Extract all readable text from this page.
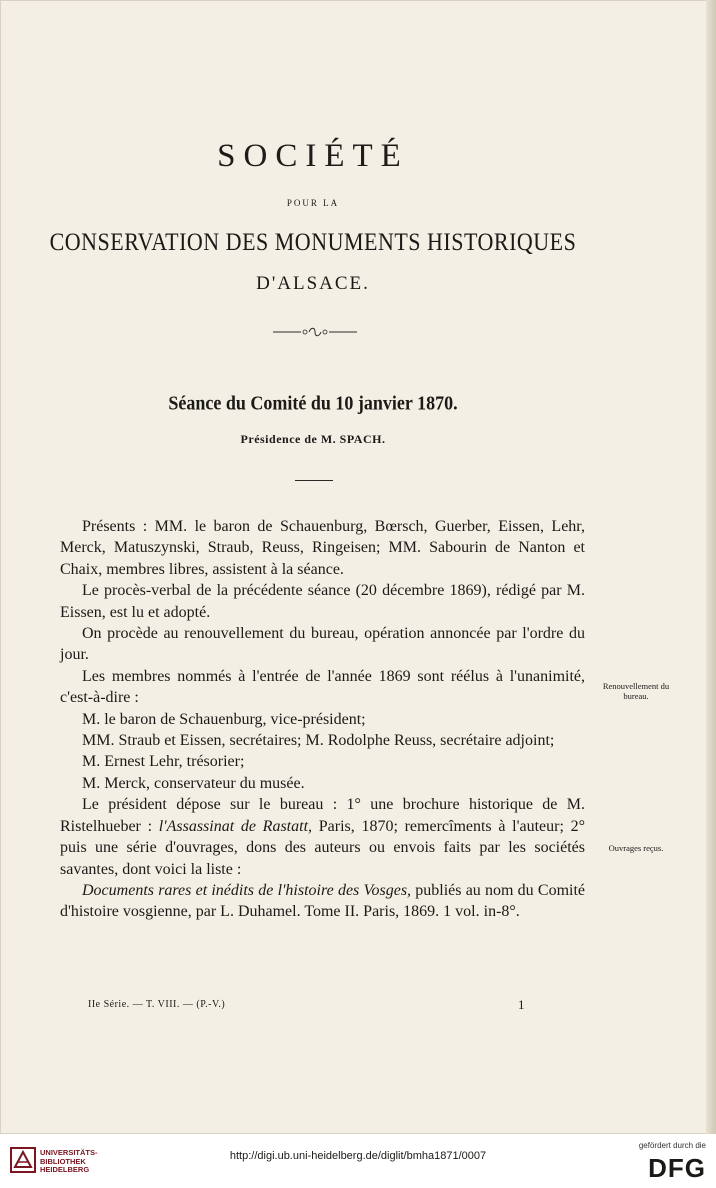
SOCIÉTÉ
POUR LA
CONSERVATION DES MONUMENTS HISTORIQUES
D'ALSACE.
Séance du Comité du 10 janvier 1870.
Présidence de M. SPACH.

Présents : MM. le baron de Schauenburg, Bœrsch, Guerber, Eissen, Lehr, Merck, Matuszynski, Straub, Reuss, Ringeisen; MM. Sabourin de Nanton et Chaix, membres libres, assistent à la séance.

Le procès-verbal de la précédente séance (20 décembre 1869), rédigé par M. Eissen, est lu et adopté.

On procède au renouvellement du bureau, opération annoncée par l'ordre du jour.

Les membres nommés à l'entrée de l'année 1869 sont réélus à l'unanimité, c'est-à-dire :

M. le baron de Schauenburg, vice-président;

MM. Straub et Eissen, secrétaires; M. Rodolphe Reuss, secrétaire adjoint;

M. Ernest Lehr, trésorier;

M. Merck, conservateur du musée.

Le président dépose sur le bureau : 1° une brochure historique de M. Ristelhueber : l'Assassinat de Rastatt, Paris, 1870; remercîments à l'auteur; 2° puis une série d'ouvrages, dons des auteurs ou envois faits par les sociétés savantes, dont voici la liste :

Documents rares et inédits de l'histoire des Vosges, publiés au nom du Comité d'histoire vosgienne, par L. Duhamel. Tome II. Paris, 1869. 1 vol. in-8°.

Renouvellement du bureau.
Ouvrages reçus.
IIe Série. — T. VIII. — (P.-V.)	1
UNIVERSITÄTS-
BIBLIOTHEK
HEIDELBERG
http://digi.ub.uni-heidelberg.de/diglit/bmha1871/0007
gefördert durch die
DFG
